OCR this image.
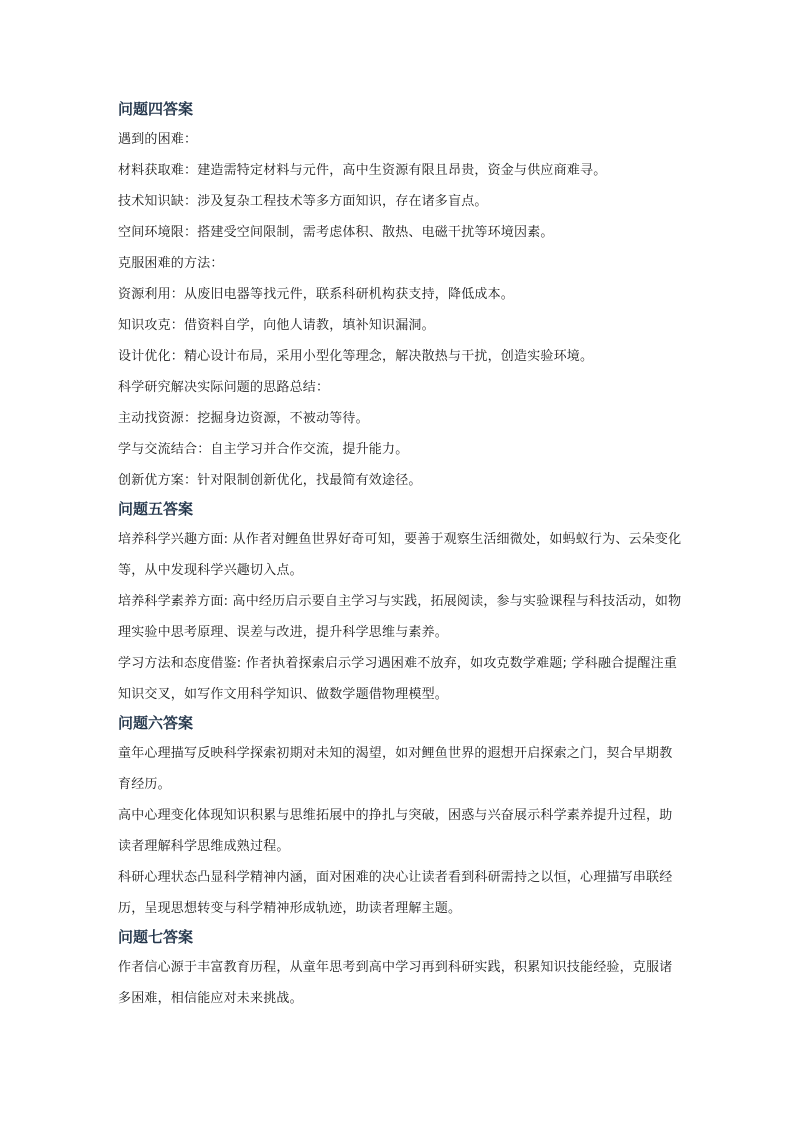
问题四答案

遇到的困难：

材料获取难：建造需特定材料与元件，高中生资源有限且昂贵，资金与供应商难寻。

技术知识缺：涉及复杂工程技术等多方面知识，存在诸多盲点。

空间环境限：搭建受空间限制，需考虑体积、散热、电磁干扰等环境因素。

克服困难的方法：

资源利用：从废旧电器等找元件，联系科研机构获支持，降低成本。

知识攻克：借资料自学，向他人请教，填补知识漏洞。

设计优化：精心设计布局，采用小型化等理念，解决散热与干扰，创造实验环境。

科学研究解决实际问题的思路总结：

主动找资源：挖掘身边资源，不被动等待。

学与交流结合：自主学习并合作交流，提升能力。

创新优方案：针对限制创新优化，找最简有效途径。

问题五答案

培养科学兴趣方面: 从作者对鲤鱼世界好奇可知，要善于观察生活细微处，如蚂蚁行为、云朵变化等，从中发现科学兴趣切入点。

培养科学素养方面: 高中经历启示要自主学习与实践，拓展阅读，参与实验课程与科技活动，如物理实验中思考原理、误差与改进，提升科学思维与素养。

学习方法和态度借鉴: 作者执着探索启示学习遇困难不放弃，如攻克数学难题; 学科融合提醒注重知识交叉，如写作文用科学知识、做数学题借物理模型。

问题六答案

童年心理描写反映科学探索初期对未知的渴望，如对鲤鱼世界的遐想开启探索之门，契合早期教育经历。

高中心理变化体现知识积累与思维拓展中的挣扎与突破，困惑与兴奋展示科学素养提升过程，助读者理解科学思维成熟过程。

科研心理状态凸显科学精神内涵，面对困难的决心让读者看到科研需持之以恒，心理描写串联经历，呈现思想转变与科学精神形成轨迹，助读者理解主题。

问题七答案

作者信心源于丰富教育历程，从童年思考到高中学习再到科研实践，积累知识技能经验，克服诸多困难，相信能应对未来挑战。
